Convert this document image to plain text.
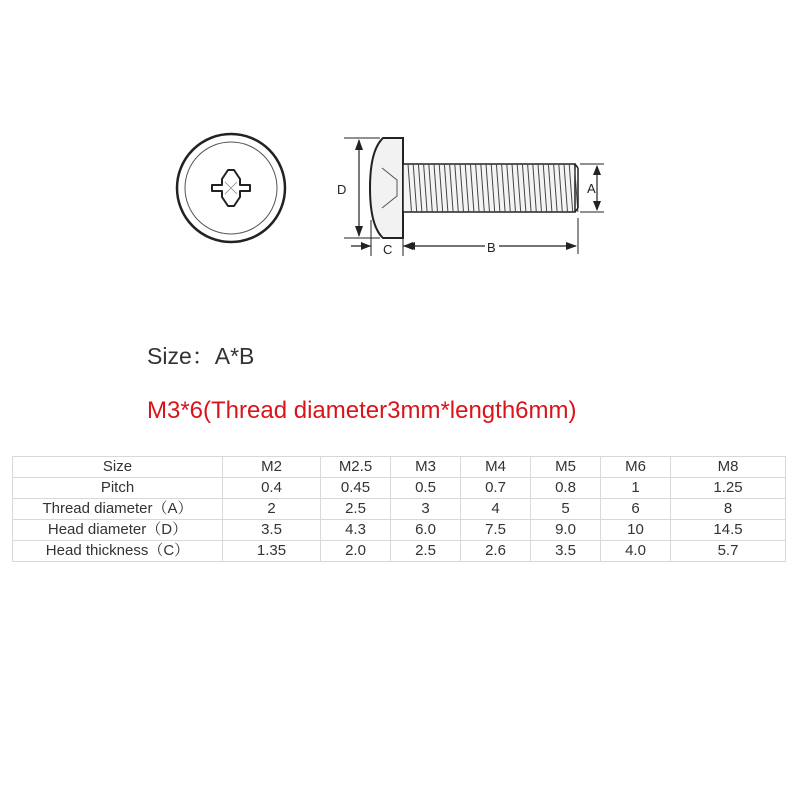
D	A
C	B
Size：A*B
M3*6(Thread diameter3mm*length6mm)
Size	M2	M2.5	M3	M4	M5	M6	M8
Pitch	0.4	0.45	0.5	0.7	0.8	1	1.25
Thread diameter（A）	2	2.5	3	4	5	6	8
Head diameter（D）	3.5	4.3	6.0	7.5	9.0	10	14.5
Head thickness（C）	1.35	2.0	2.5	2.6	3.5	4.0	5.7
